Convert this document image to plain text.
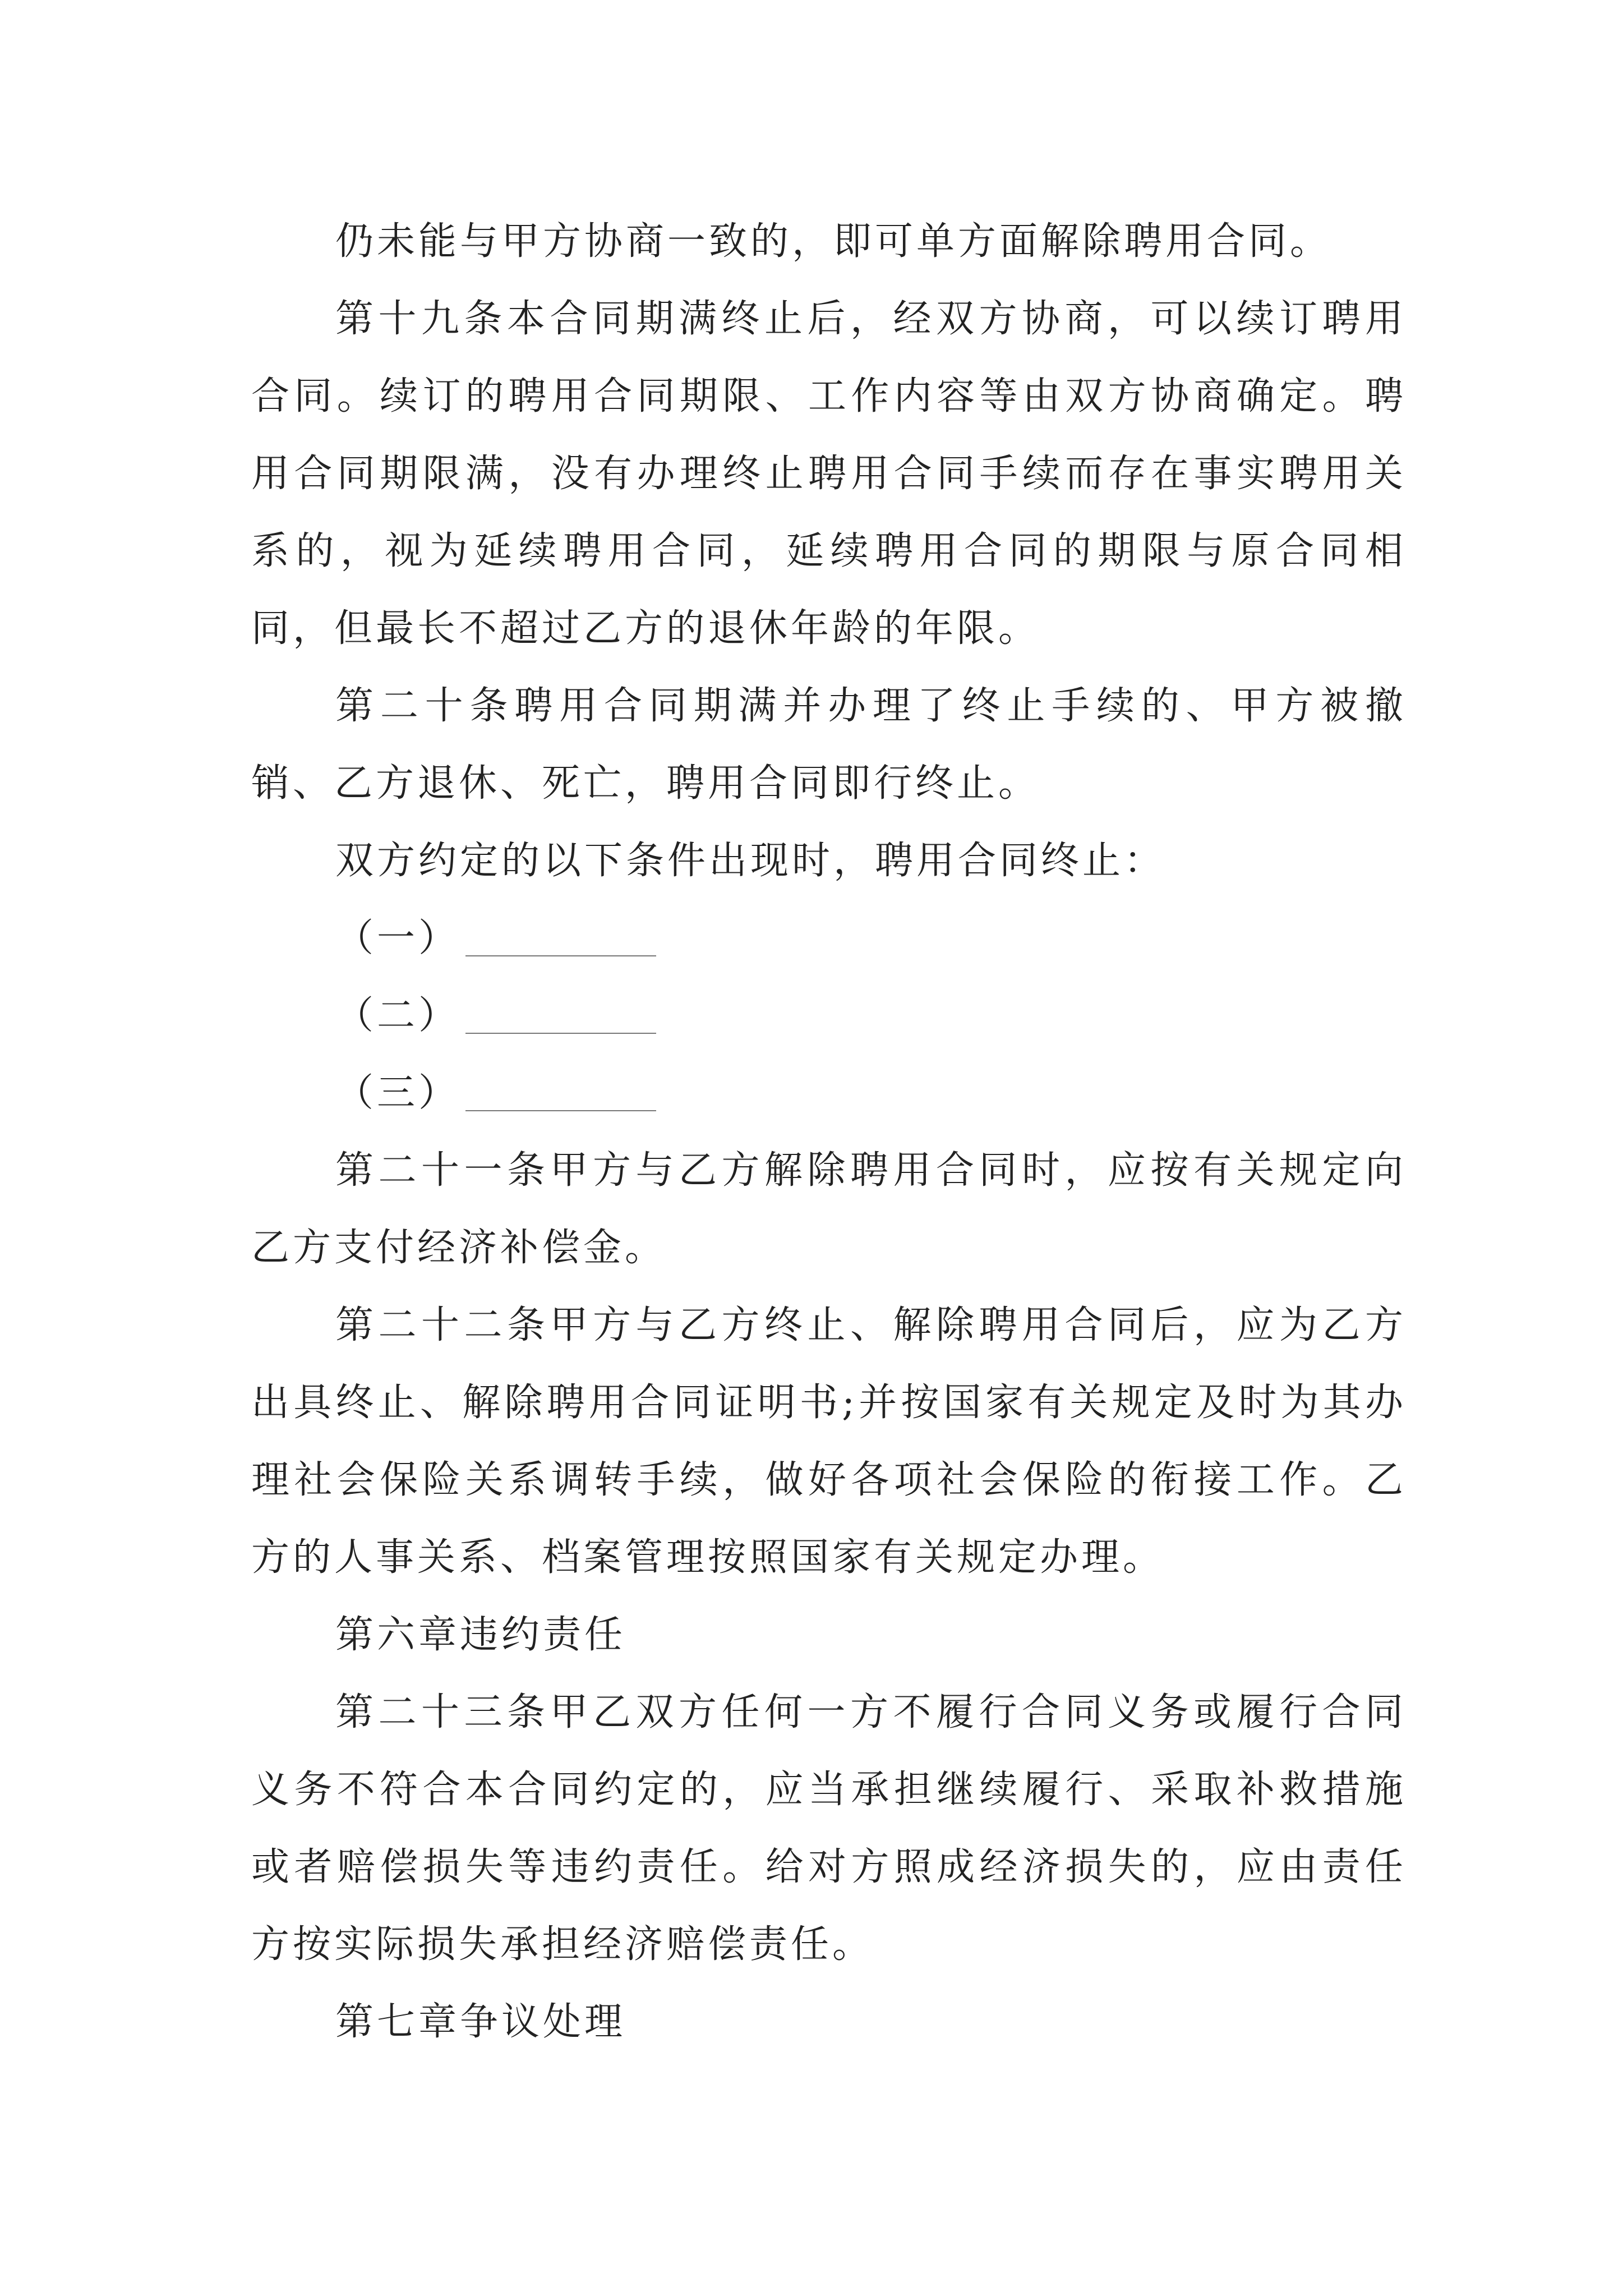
仍未能与甲方协商一致的，即可单方面解除聘用合同。

第十九条本合同期满终止后，经双方协商，可以续订聘用合同。续订的聘用合同期限、工作内容等由双方协商确定。聘用合同期限满，没有办理终止聘用合同手续而存在事实聘用关系的，视为延续聘用合同，延续聘用合同的期限与原合同相同，但最长不超过乙方的退休年龄的年限。

第二十条聘用合同期满并办理了终止手续的、甲方被撤销、乙方退休、死亡，聘用合同即行终止。

双方约定的以下条件出现时，聘用合同终止：

（一）

（二）

（三）

第二十一条甲方与乙方解除聘用合同时，应按有关规定向乙方支付经济补偿金。

第二十二条甲方与乙方终止、解除聘用合同后，应为乙方出具终止、解除聘用合同证明书;并按国家有关规定及时为其办理社会保险关系调转手续，做好各项社会保险的衔接工作。乙方的人事关系、档案管理按照国家有关规定办理。

第六章违约责任

第二十三条甲乙双方任何一方不履行合同义务或履行合同义务不符合本合同约定的，应当承担继续履行、采取补救措施或者赔偿损失等违约责任。给对方照成经济损失的，应由责任方按实际损失承担经济赔偿责任。

第七章争议处理
